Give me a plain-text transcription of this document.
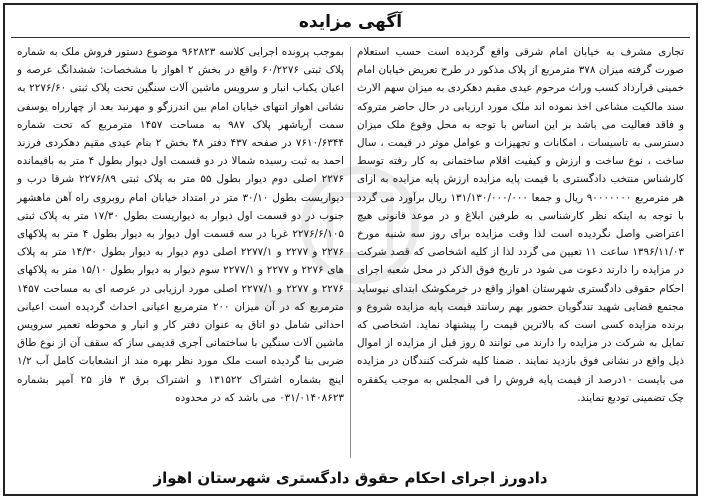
آگهی مزایده
بموجب پرونده اجرایی کلاسه ۹۶۲۸۲۳ موضوع دستور فروش ملک به شماره پلاک ثبتی ۶۰/۲۲۷۶ واقع در بخش ۲ اهواز با مشخصات: ششدانگ عرصه و اعیان یکباب انبار و سرویس ماشین آلات سنگین تحت پلاک ثبتی ۲۲۷۶/۶۰ به نشانی اهواز انتهای خیابان امام بین اندرزگو و مهرنبد بعد از چهارراه یوسفی سمت آریاشهر پلاک ۹۸۷ به مساحت ۱۴۵۷ مترمربع که تحت شماره ۷۶۱۰/۶۳۴۴ در صفحه ۴۳۷ دفتر ۴۸ بخش ۲ بنام عیدی مقیم دهکردی فرزند احمد به ثبت رسیده شمالا در دو قسمت اول دیوار بطول ۴ متر به باقیمانده ۲۲۷۶ اصلی دوم دیوار بطول ۵۵ متر به پلاک ثبتی ۲۲۷۶/۸۹ شرقا درب و دیواریست بطول ۳۰/۱۰ متر در امتداد خیابان امام روبروی راه آهن ماهشهر جنوب در دو قسمت اول دیوار به دیواریست بطول ۱۷/۳۰ متر به پلاک ثبتی ۲۲۷۶/۶/۱۰۵ غربا در سه قسمت اول دیوار به دیوار بطول ۴ متر به پلاکهای ۲۲۷۶ و ۲۲۷۷ و ۲۲۷۷/۱ اصلی دوم دیوار به دیوار بطول ۱۴/۳۰ متر به پلاک های ۲۲۷۶ و ۲۲۷۷ و ۲۲۷۷/۱ سوم دیوار به دیوار بطول ۱۵/۱۰ متر به پلاکهای ۲۲۷۶ و ۲۲۷۷ و ۲۲۷۷/۱ اصلی مورد ارزیابی در عرصه ای به مساحت ۱۴۵۷ مترمربع که در آن میزان ۲۰۰ مترمربع اعیانی احداث گردیده است اعیانی احداثی شامل دو اتاق به عنوان دفتر کار و انبار و محوطه تعمیر سرویس ماشین آلات سنگین با ساختمانی آجری قدیمی ساز که سقف آن از نوع طاق ضربی بنا گردیده است ملک مورد نظر بهره مند از انشعابات کامل آب ۱/۲ اینچ بشماره اشتراک ۱۳۱۵۲۲ و اشتراک برق ۳ فاز ۲۵ آمپر بشماره ۰۳۱/۰۱۴۰۸۶۲۳ می باشد که در محدوده
تجاری مشرف به خیابان امام شرقی واقع گردیده است حسب استعلام صورت گرفته میزان ۳۷۸ مترمربع از پلاک مذکور در طرح تعریض خیابان امام خمینی قرارداد کسب وراث مرحوم عیدی مقیم دهکردی به میزان سهم الارث سند مالکیت مشاعی اخذ نموده اند ملک مورد ارزیابی در حال حاضر متروکه و فاقد فعالیت می باشد بر این اساس با توجه به محل وقوع ملک میزان دسترسی به تاسیسات ، امکانات و تجهیزات و عوامل موثر در قیمت ، سال ساخت ، نوع ساخت و ارزش و کیفیت اقلام ساختمانی به کار رفته توسط کارشناس منتخب دادگستری با قیمت پایه مزایده ارزش پایه مزایده به ازای هر مترمربع ۹۰۰۰۰۰۰۰ ریال و جمعا ۱۳۱/۱۳۰/۰۰۰/۰۰۰ ریال برآورد می گردد با توجه به اینکه نظر کارشناسی به طرفین ابلاغ و در موعد قانونی هیچ اعتراضی واصل نگردیده است لذا وقت مزایده برای روز سه شنبه مورخ ۱۳۹۶/۱۱/۰۳ ساعت ۱۱ تعیین می گردد لذا از کلیه اشخاصی که قصد شرکت در مزایده را دارند دعوت می شود در تاریخ فوق الذکر در محل شعبه اجرای احکام حقوقی دادگستری شهرستان اهواز واقع در خرمکوشک ابتدای نیوساید مجتمع قضایی شهید تندگویان حضور بهم رسانند قیمت پایه مزایده شروع و برنده مزایده کسی است که بالاترین قیمت را پیشنهاد نماید. اشخاصی که تمایل به شرکت در مزایده را دارند می توانند ۵ روز قبل از مزایده از اموال ذیل واقع در نشانی فوق بازدید نمایند . ضمنا کلیه شرکت کنندگان در مزایده می بایست ۱۰درصد از قیمت پایه فروش را فی المجلس به موجب یکفقره چک تضمینی تودیع نمایند.
دادورز اجرای احکام حقوق دادگستری شهرستان اهواز
